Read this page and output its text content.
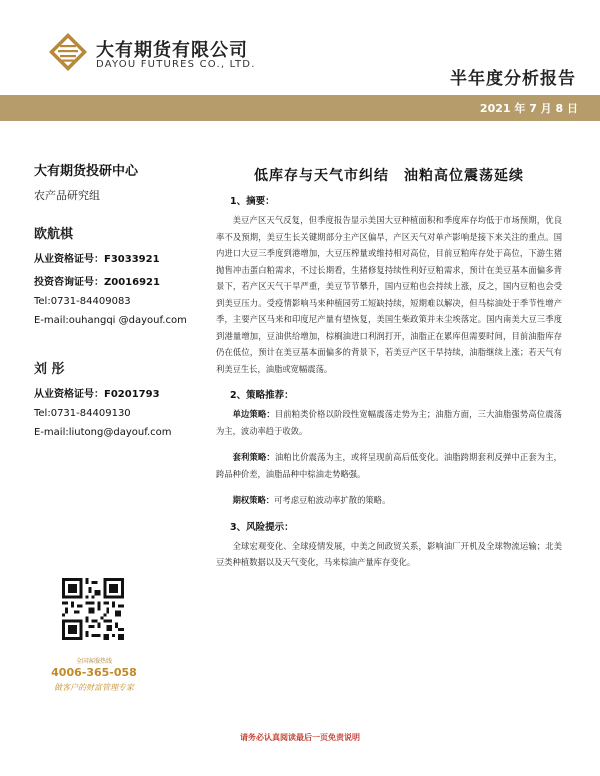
大有期货有限公司
DAYOU FUTURES CO., LTD.
半年度分析报告
2021 年 7 月 8 日
大有期货投研中心
农产品研究组
欧航棋
从业资格证号：F3033921
投资咨询证号：Z0016921
Tel:0731-84409083
E-mail:ouhangqi @dayouf.com
刘 彤
从业资格证号：F0201793
Tel:0731-84409130
E-mail:liutong@dayouf.com
全国客服热线
4006-365-058
做客户的财富管理专家
低库存与天气市纠结　油粕高位震荡延续
1、摘要：

美豆产区天气反复，但季度报告显示美国大豆种植面积和季度库存均低于市场预期，优良率不及预期，美豆生长关键期部分主产区偏旱，产区天气对单产影响是接下来关注的重点。国内进口大豆三季度到港增加，大豆压榨量或维持相对高位，目前豆粕库存处于高位，下游生猪抛售冲击蛋白粕需求，不过长期看，生猪修复持续性利好豆粕需求，预计在美豆基本面偏多背景下，若产区天气干旱严重，美豆节节攀升，国内豆粕也会持续上涨，反之，国内豆粕也会受到美豆压力。受疫情影响马来种植园劳工短缺持续，短期难以解决，但马棕油处于季节性增产季，主要产区马来和印度尼产量有望恢复，美国生柴政策并未尘埃落定。国内南美大豆三季度到港量增加，豆油供给增加，棕榈油进口利润打开，油脂正在累库但需要时间，目前油脂库存仍在低位，预计在美豆基本面偏多的背景下，若美豆产区干旱持续，油脂继续上涨；若天气有利美豆生长，油脂或宽幅震荡。

2、策略推荐：

单边策略：目前粕类价格以阶段性宽幅震荡走势为主；油脂方面，三大油脂强势高位震荡为主，波动率趋于收敛。

套利策略：油粕比价震荡为主，或将呈现前高后低变化。油脂跨期套利反弹中正套为主，跨品种价差，油脂品种中棕油走势略强。

期权策略：可考虑豆粕波动率扩散的策略。

3、风险提示：

全球宏观变化、全球疫情发展，中美之间政贸关系，影响油厂开机及全球物流运输；北美豆类种植数据以及天气变化，马来棕油产量库存变化。

请务必认真阅读最后一页免责说明
